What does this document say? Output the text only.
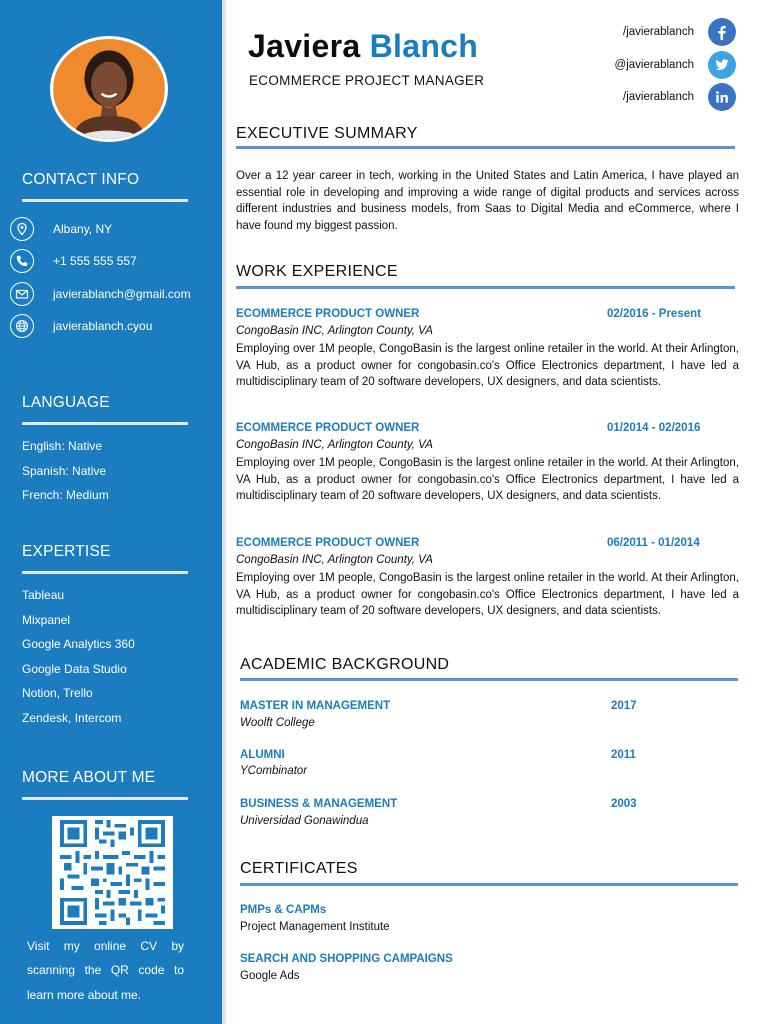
CONTACT INFO
Albany, NY
+1 555 555 557
javierablanch@gmail.com
javierablanch.cyou
LANGUAGE
English: Native
Spanish: Native
French: Medium
EXPERTISE
Tableau
Mixpanel
Google Analytics 360
Google Data Studio
Notion, Trello
Zendesk, Intercom
MORE ABOUT ME
Visit my online CV by scanning the QR code to learn more about me.
Javiera Blanch
ECOMMERCE PROJECT MANAGER
/javierablanch
@javierablanch
/javierablanch
EXECUTIVE SUMMARY
Over a 12 year career in tech, working in the United States and Latin America, I have played an essential role in developing and improving a wide range of digital products and services across different industries and business models, from Saas to Digital Media and eCommerce, where I have found my biggest passion.
WORK EXPERIENCE
ECOMMERCE PRODUCT OWNER	02/2016 - Present
CongoBasin INC, Arlington County, VA
Employing over 1M people, CongoBasin is the largest online retailer in the world. At their Arlington, VA Hub, as a product owner for congobasin.co's Office Electronics department, I have led a multidisciplinary team of 20 software developers, UX designers, and data scientists.
ECOMMERCE PRODUCT OWNER	01/2014 - 02/2016
CongoBasin INC, Arlington County, VA
Employing over 1M people, CongoBasin is the largest online retailer in the world. At their Arlington, VA Hub, as a product owner for congobasin.co's Office Electronics department, I have led a multidisciplinary team of 20 software developers, UX designers, and data scientists.
ECOMMERCE PRODUCT OWNER	06/2011 - 01/2014
CongoBasin INC, Arlington County, VA
Employing over 1M people, CongoBasin is the largest online retailer in the world. At their Arlington, VA Hub, as a product owner for congobasin.co's Office Electronics department, I have led a multidisciplinary team of 20 software developers, UX designers, and data scientists.
ACADEMIC BACKGROUND
MASTER IN MANAGEMENT	2017
Woolft College
ALUMNI	2011
YCombinator
BUSINESS & MANAGEMENT	2003
Universidad Gonawindua
CERTIFICATES
PMPs & CAPMs
Project Management Institute
SEARCH AND SHOPPING CAMPAIGNS
Google Ads
